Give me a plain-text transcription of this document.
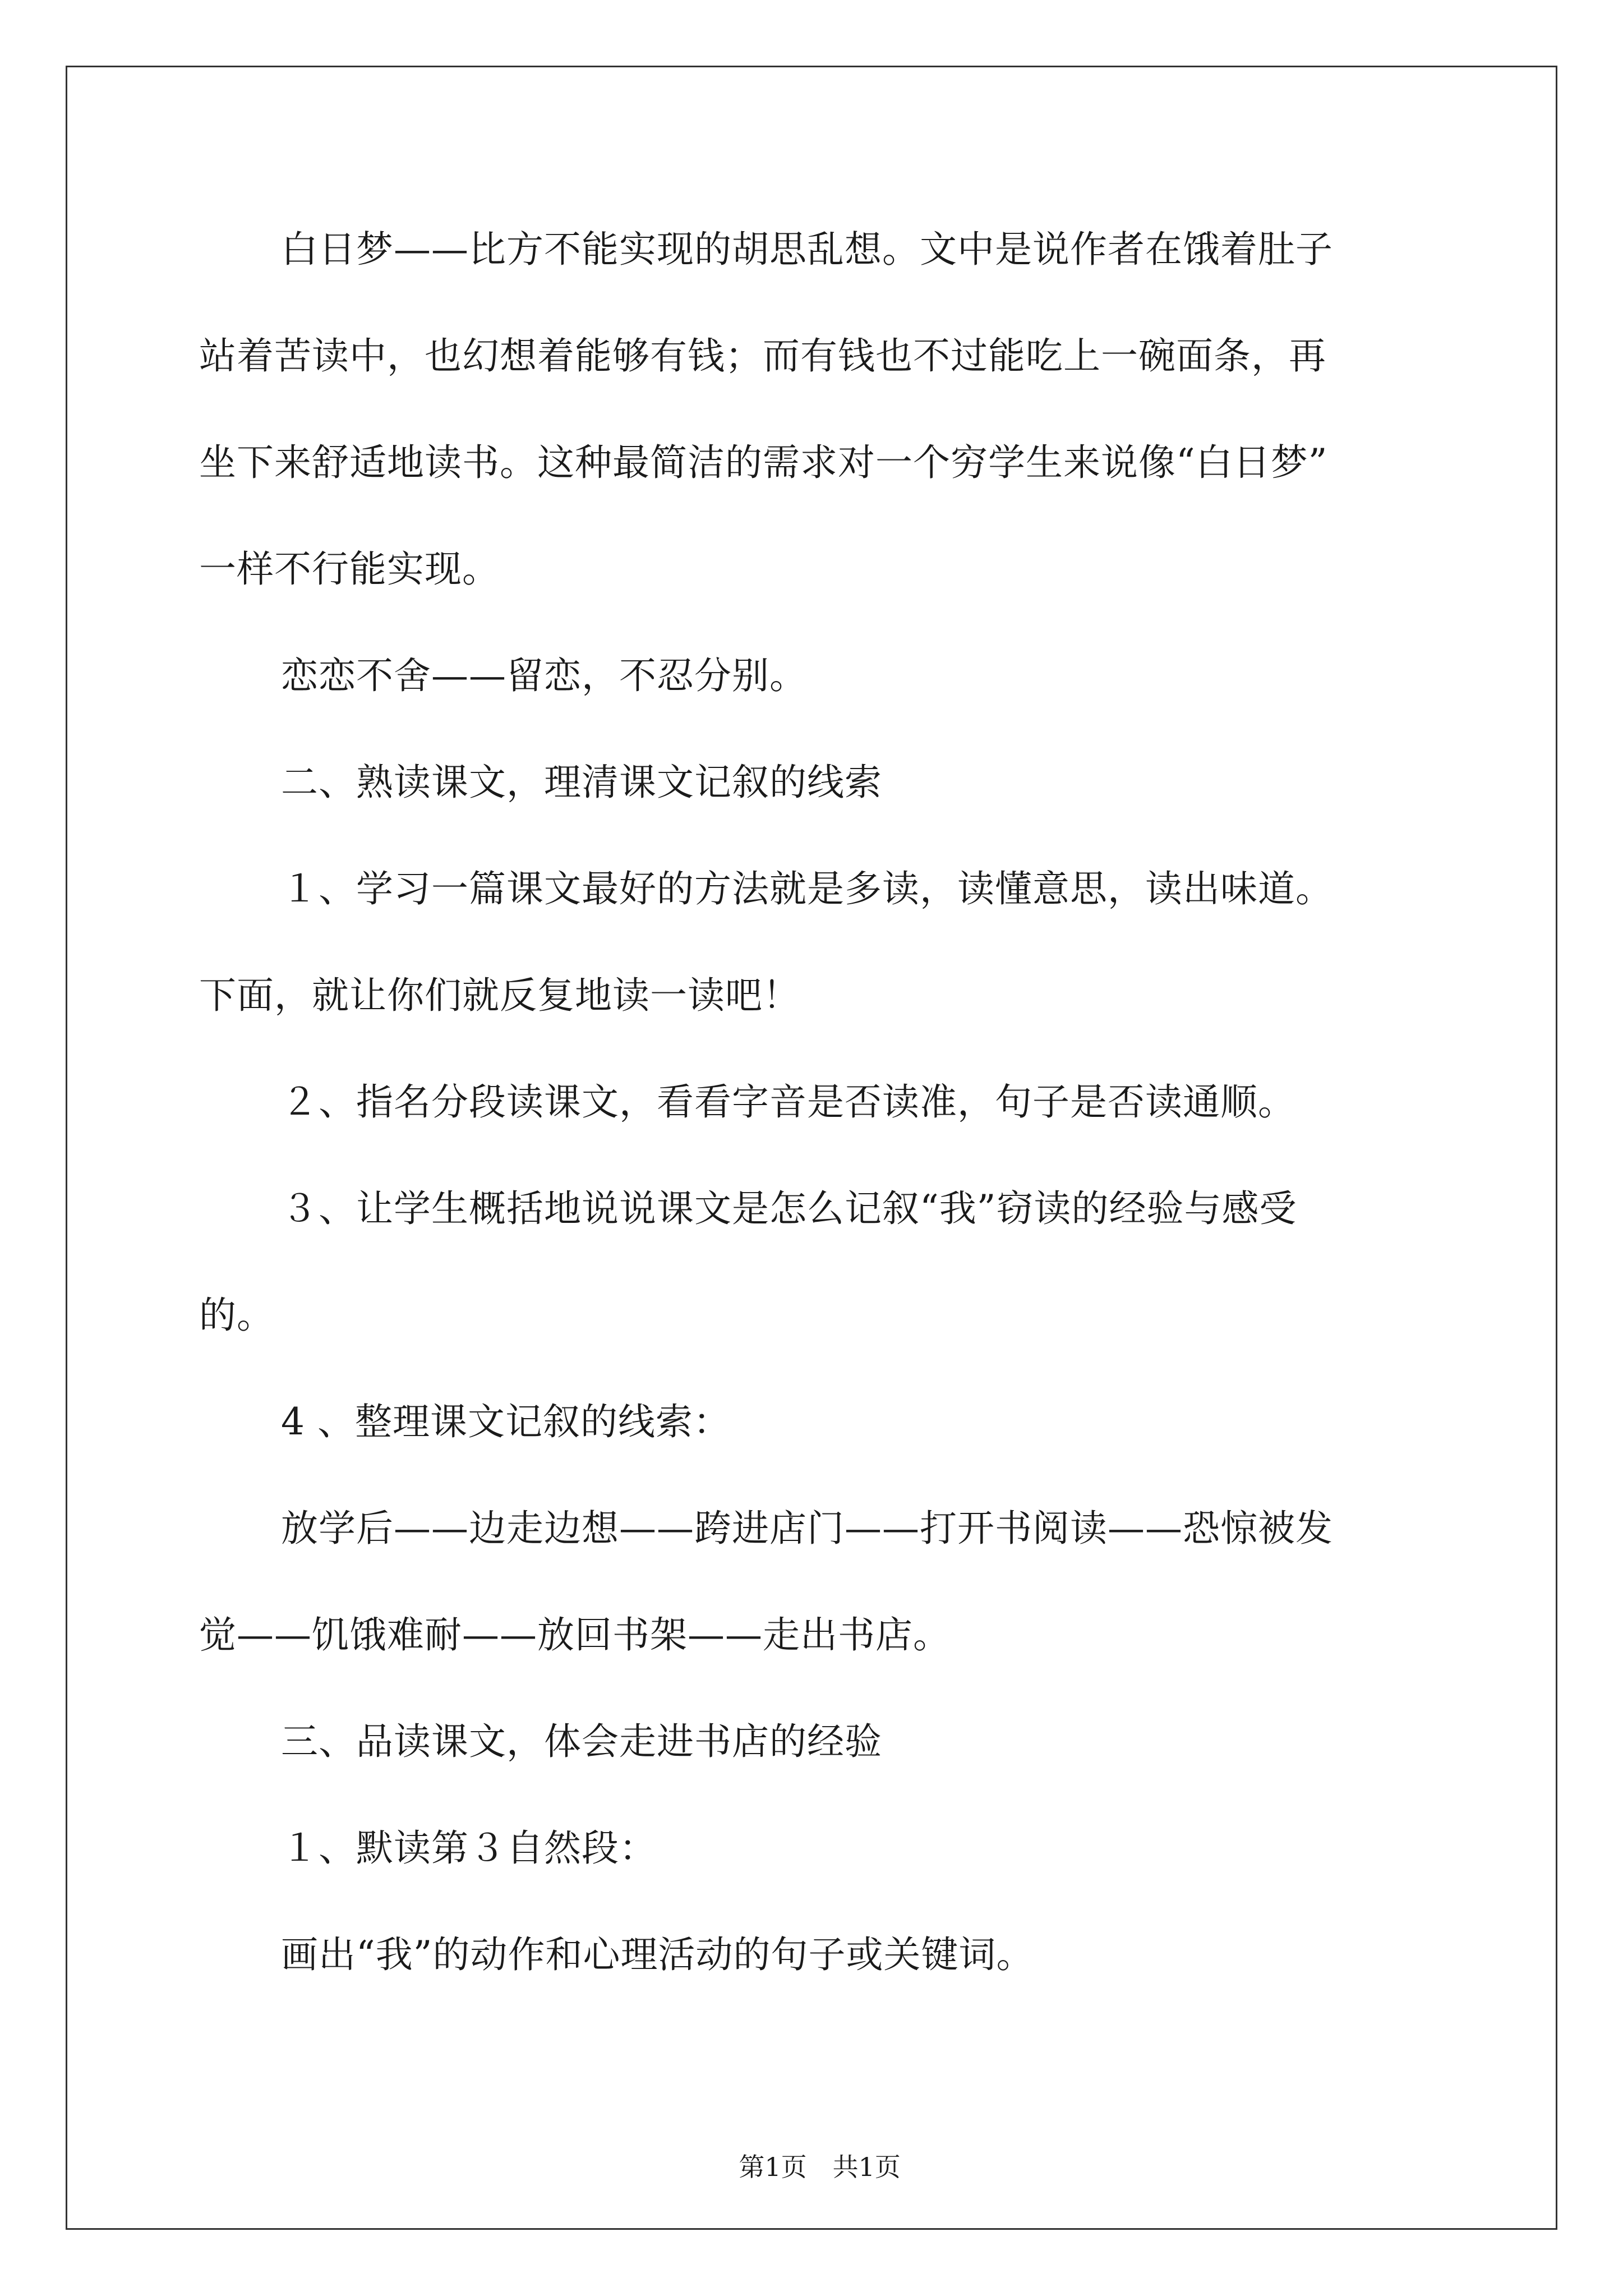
白日梦——比方不能实现的胡思乱想。文中是说作者在饿着肚子
站着苦读中，也幻想着能够有钱；而有钱也不过能吃上一碗面条，再
坐下来舒适地读书。这种最简洁的需求对一个穷学生来说像“白日梦”
一样不行能实现。
恋恋不舍——留恋，不忍分别。
二、熟读课文，理清课文记叙的线索
１、学习一篇课文最好的方法就是多读，读懂意思，读出味道。
下面，就让你们就反复地读一读吧！
２、指名分段读课文，看看字音是否读准，句子是否读通顺。
３、让学生概括地说说课文是怎么记叙“我”窃读的经验与感受
的。
4 、整理课文记叙的线索：
放学后——边走边想——跨进店门——打开书阅读——恐惊被发
觉——饥饿难耐——放回书架——走出书店。
三、品读课文，体会走进书店的经验
１、默读第３自然段：
画出“我”的动作和心理活动的句子或关键词。

第1页　共1页
